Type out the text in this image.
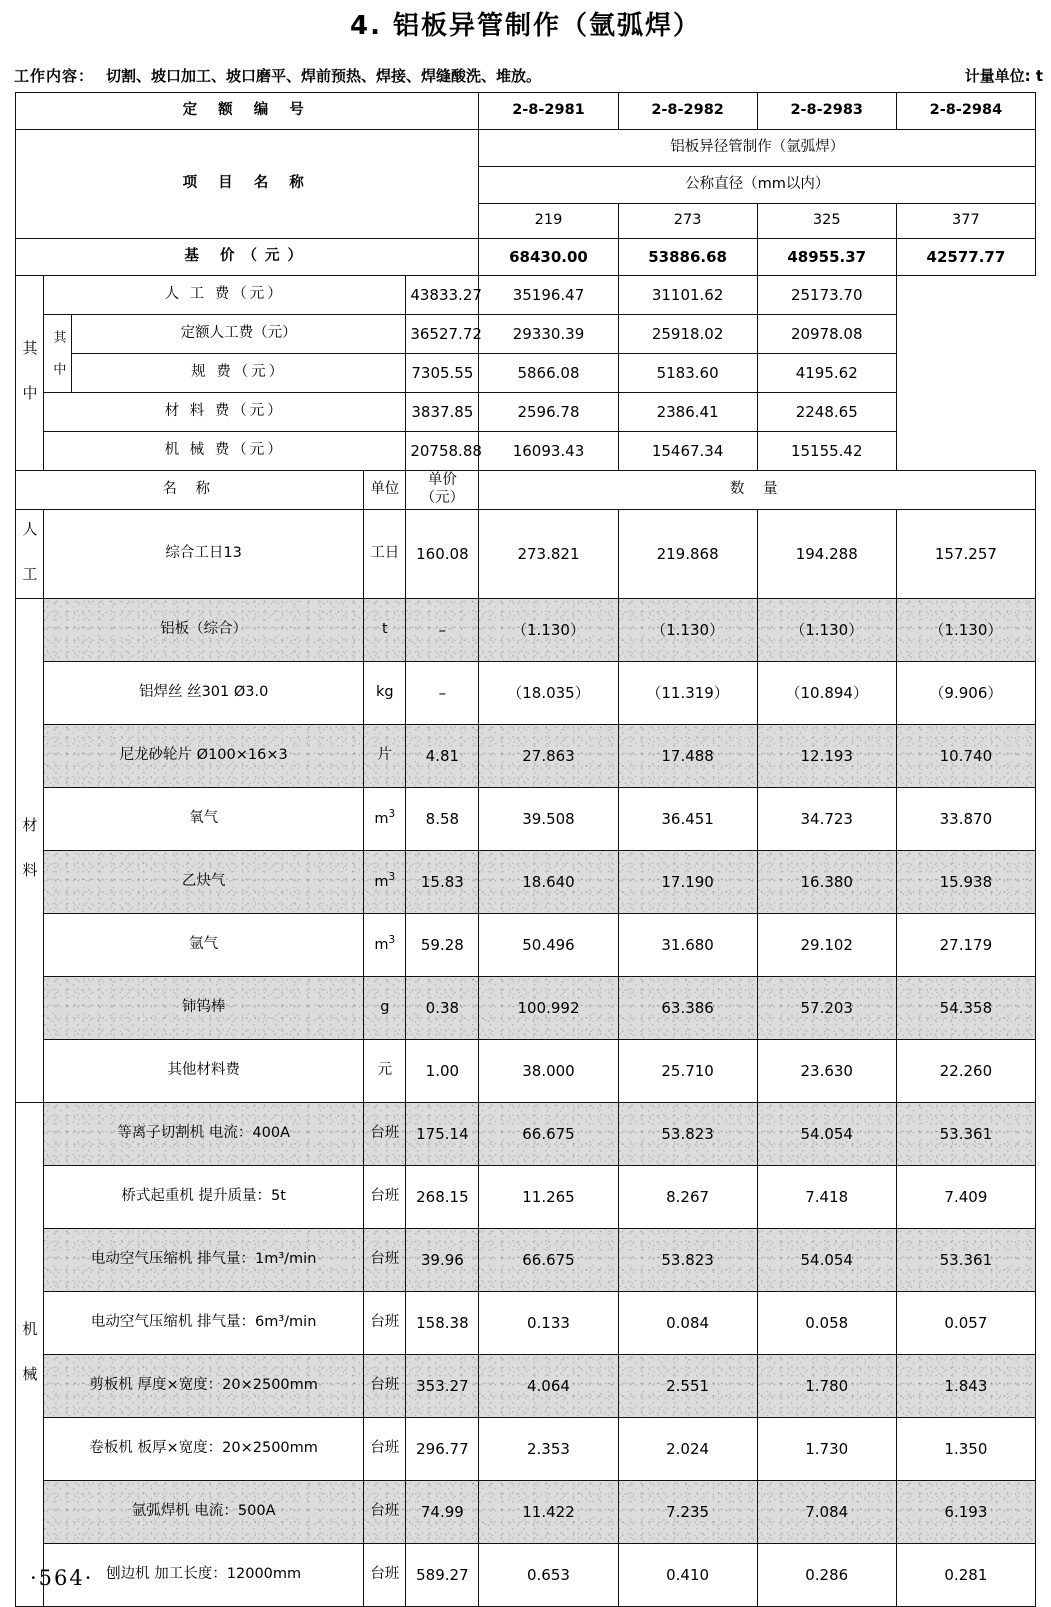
4. 铝板异管制作（氩弧焊）
工作内容： 切割、坡口加工、坡口磨平、焊前预热、焊接、焊缝酸洗、堆放。	计量单位: t
定 额 编 号					2-8-2981	2-8-2982	2-8-2983	2-8-2984
项 目 名 称					铝板异径管制作（氩弧焊）			
					公称直径（mm以内）			
					219	273	325	377
基 价（元）					68430.00	53886.68	48955.37	42577.77
其 中	人 工 费（元）			43833.27	35196.47	31101.62	25173.70	
	其 中	定额人工费（元）		36527.72	29330.39	25918.02	20978.08	
		规 费（元）		7305.55	5866.08	5183.60	4195.62	
	材 料 费（元）			3837.85	2596.78	2386.41	2248.65	
	机 械 费（元）			20758.88	16093.43	15467.34	15155.42	
名 称			单位	单价（元）	数 量			
人 工	综合工日13		工日	160.08	273.821	219.868	194.288	157.257
材 料	铝板（综合）		t	–	（1.130）	（1.130）	（1.130）	（1.130）
	铝焊丝 丝301 Ø3.0		kg	–	（18.035）	（11.319）	（10.894）	（9.906）
	尼龙砂轮片 Ø100×16×3		片	4.81	27.863	17.488	12.193	10.740
	氧气		$m^3$	8.58	39.508	36.451	34.723	33.870
	乙炔气		$m^3$	15.83	18.640	17.190	16.380	15.938
	氩气		$m^3$	59.28	50.496	31.680	29.102	27.179
	铈钨棒		g	0.38	100.992	63.386	57.203	54.358
	其他材料费		元	1.00	38.000	25.710	23.630	22.260
机 械	等离子切割机 电流：400A		台班	175.14	66.675	53.823	54.054	53.361
	桥式起重机 提升质量：5t		台班	268.15	11.265	8.267	7.418	7.409
	电动空气压缩机 排气量：1m³/min		台班	39.96	66.675	53.823	54.054	53.361
	电动空气压缩机 排气量：6m³/min		台班	158.38	0.133	0.084	0.058	0.057
	剪板机 厚度×宽度：20×2500mm		台班	353.27	4.064	2.551	1.780	1.843
	卷板机 板厚×宽度：20×2500mm		台班	296.77	2.353	2.024	1.730	1.350
	氩弧焊机 电流：500A		台班	74.99	11.422	7.235	7.084	6.193
	刨边机 加工长度：12000mm		台班	589.27	0.653	0.410	0.286	0.281
·564·
